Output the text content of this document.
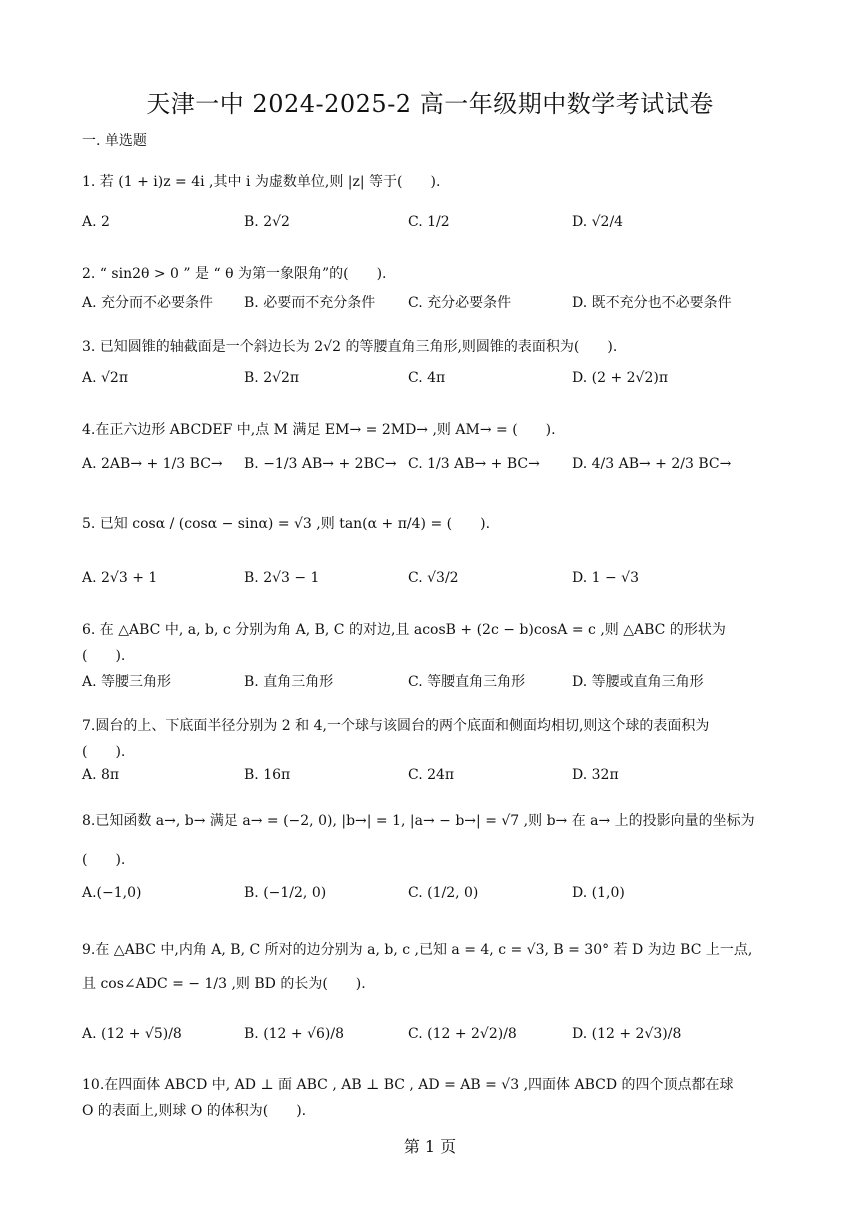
天津一中 2024-2025-2 高一年级期中数学考试试卷
一. 单选题
1. 若 (1 + i)z = 4i ,其中 i 为虚数单位,则 |z| 等于(　　).
A. 2	B. 2√2	C. 1/2	D. √2/4
2. “ sin2θ > 0 ” 是 “ θ 为第一象限角”的(　　).
A. 充分而不必要条件 B. 必要而不充分条件 C. 充分必要条件	D. 既不充分也不必要条件
3. 已知圆锥的轴截面是一个斜边长为 2√2 的等腰直角三角形,则圆锥的表面积为(　　).
A. √2π	B. 2√2π	C. 4π	D. (2 + 2√2)π
4.在正六边形 ABCDEF 中,点 M 满足 EM→ = 2MD→ ,则 AM→ = (　　).
A. 2AB→ + 1/3 BC→ B. −1/3 AB→ + 2BC→ C. 1/3 AB→ + BC→ D. 4/3 AB→ + 2/3 BC→
5. 已知 cosα / (cosα − sinα) = √3 ,则 tan(α + π/4) = (　　).
A. 2√3 + 1	B. 2√3 − 1	C. √3/2	D. 1 − √3
6. 在 △ABC 中, a, b, c 分别为角 A, B, C 的对边,且 acosB + (2c − b)cosA = c ,则 △ABC 的形状为
(　　).
A. 等腰三角形	B. 直角三角形	C. 等腰直角三角形	D. 等腰或直角三角形
7.圆台的上、下底面半径分别为 2 和 4,一个球与该圆台的两个底面和侧面均相切,则这个球的表面积为
(　　).
A. 8π	B. 16π	C. 24π	D. 32π
8.已知函数 a→, b→ 满足 a→ = (−2, 0), |b→| = 1, |a→ − b→| = √7 ,则 b→ 在 a→ 上的投影向量的坐标为
(　　).
A.(−1,0)	B. (−1/2, 0)	C. (1/2, 0)	D. (1,0)
9.在 △ABC 中,内角 A, B, C 所对的边分别为 a, b, c ,已知 a = 4, c = √3, B = 30° 若 D 为边 BC 上一点,
且 cos∠ADC = − 1/3 ,则 BD 的长为(　　).
A. (12 + √5)/8	B. (12 + √6)/8	C. (12 + 2√2)/8	D. (12 + 2√3)/8
10.在四面体 ABCD 中, AD ⊥ 面 ABC , AB ⊥ BC , AD = AB = √3 ,四面体 ABCD 的四个顶点都在球
O 的表面上,则球 O 的体积为(　　).
第 1 页
